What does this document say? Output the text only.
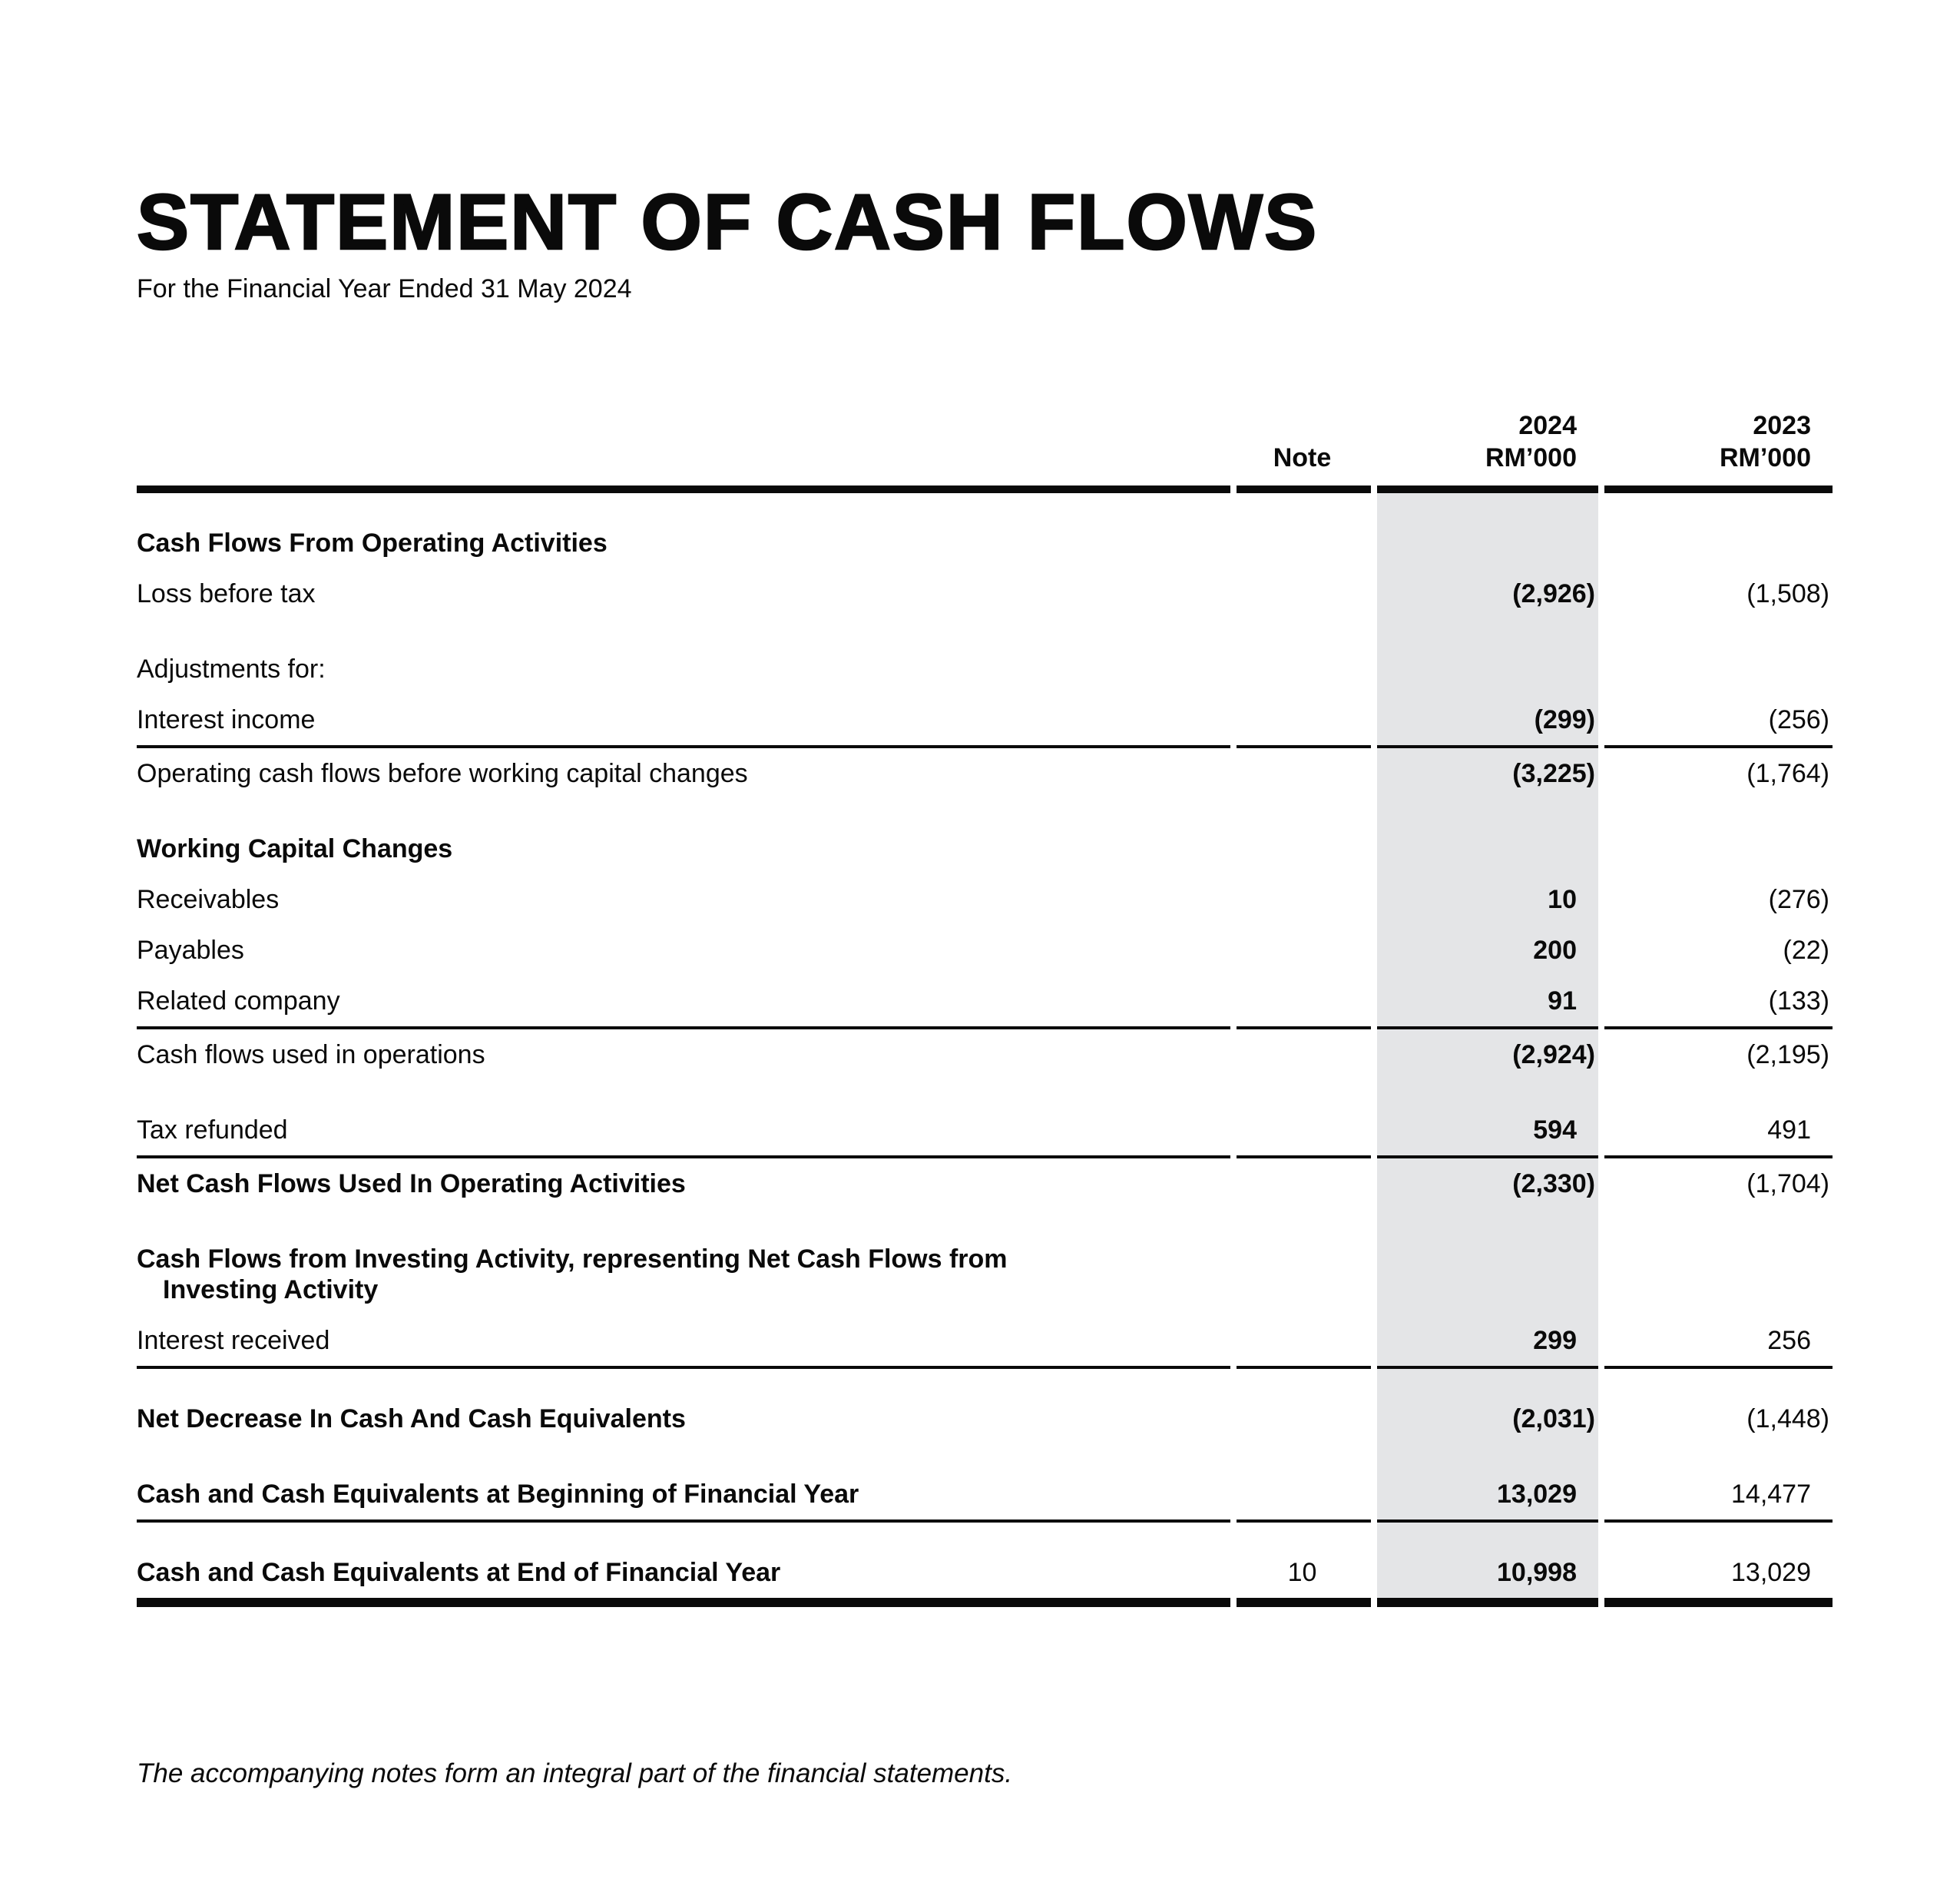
STATEMENT OF CASH FLOWS
For the Financial Year Ended 31 May 2024
		2024	2023
	Note	RM’000	RM’000

Cash Flows From Operating Activities			
Loss before tax		(2,926)	(1,508)

Adjustments for:			
Interest income		(299)	(256)
Operating cash flows before working capital changes		(3,225)	(1,764)

Working Capital Changes			
Receivables		10	(276)
Payables		200	(22)
Related company		91	(133)
Cash flows used in operations		(2,924)	(2,195)

Tax refunded		594	491
Net Cash Flows Used In Operating Activities		(2,330)	(1,704)

Cash Flows from Investing Activity, representing Net Cash Flows from
Investing Activity			
Interest received		299	256

Net Decrease In Cash And Cash Equivalents		(2,031)	(1,448)

Cash and Cash Equivalents at Beginning of Financial Year		13,029	14,477

Cash and Cash Equivalents at End of Financial Year	10	10,998	13,029

The accompanying notes form an integral part of the financial statements.
